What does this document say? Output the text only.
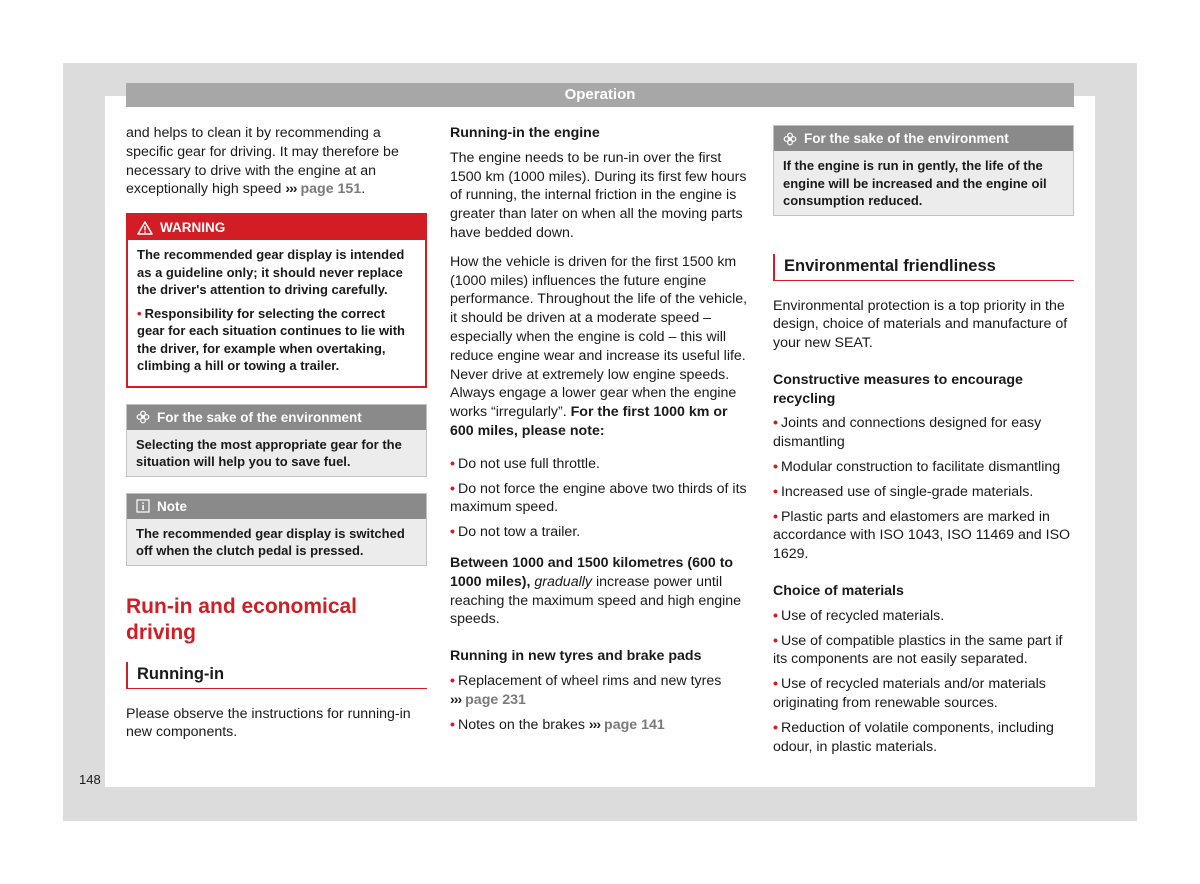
Operation
148

and helps to clean it by recommending a specific gear for driving. It may therefore be necessary to drive with the engine at an exceptionally high speed ››› page 151.

WARNING

The recommended gear display is intended as a guideline only; it should never replace the driver's attention to driving carefully.

• Responsibility for selecting the correct gear for each situation continues to lie with the driver, for example when overtaking, climbing a hill or towing a trailer.

For the sake of the environment
Selecting the most appropriate gear for the situation will help you to save fuel.
Note
The recommended gear display is switched off when the clutch pedal is pressed.
Run-in and economical driving
Running-in

Please observe the instructions for running-in new components.

Running-in the engine

The engine needs to be run-in over the first 1500 km (1000 miles). During its first few hours of running, the internal friction in the engine is greater than later on when all the moving parts have bedded down.

How the vehicle is driven for the first 1500 km (1000 miles) influences the future engine performance. Throughout the life of the vehicle, it should be driven at a moderate speed – especially when the engine is cold – this will reduce engine wear and increase its useful life. Never drive at extremely low engine speeds. Always engage a lower gear when the engine works “irregularly”. For the first 1000 km or 600 miles, please note:

• Do not use full throttle.

• Do not force the engine above two thirds of its maximum speed.

• Do not tow a trailer.

Between 1000 and 1500 kilometres (600 to 1000 miles), gradually increase power until reaching the maximum speed and high engine speeds.

Running in new tyres and brake pads

• Replacement of wheel rims and new tyres
››› page 231

• Notes on the brakes ››› page 141

For the sake of the environment
If the engine is run in gently, the life of the engine will be increased and the engine oil consumption reduced.
Environmental friendliness

Environmental protection is a top priority in the design, choice of materials and manufacture of your new SEAT.

Constructive measures to encourage recycling

• Joints and connections designed for easy dismantling

• Modular construction to facilitate dismantling

• Increased use of single-grade materials.

• Plastic parts and elastomers are marked in accordance with ISO 1043, ISO 11469 and ISO 1629.

Choice of materials

• Use of recycled materials.

• Use of compatible plastics in the same part if its components are not easily separated.

• Use of recycled materials and/or materials originating from renewable sources.

• Reduction of volatile components, including odour, in plastic materials.
